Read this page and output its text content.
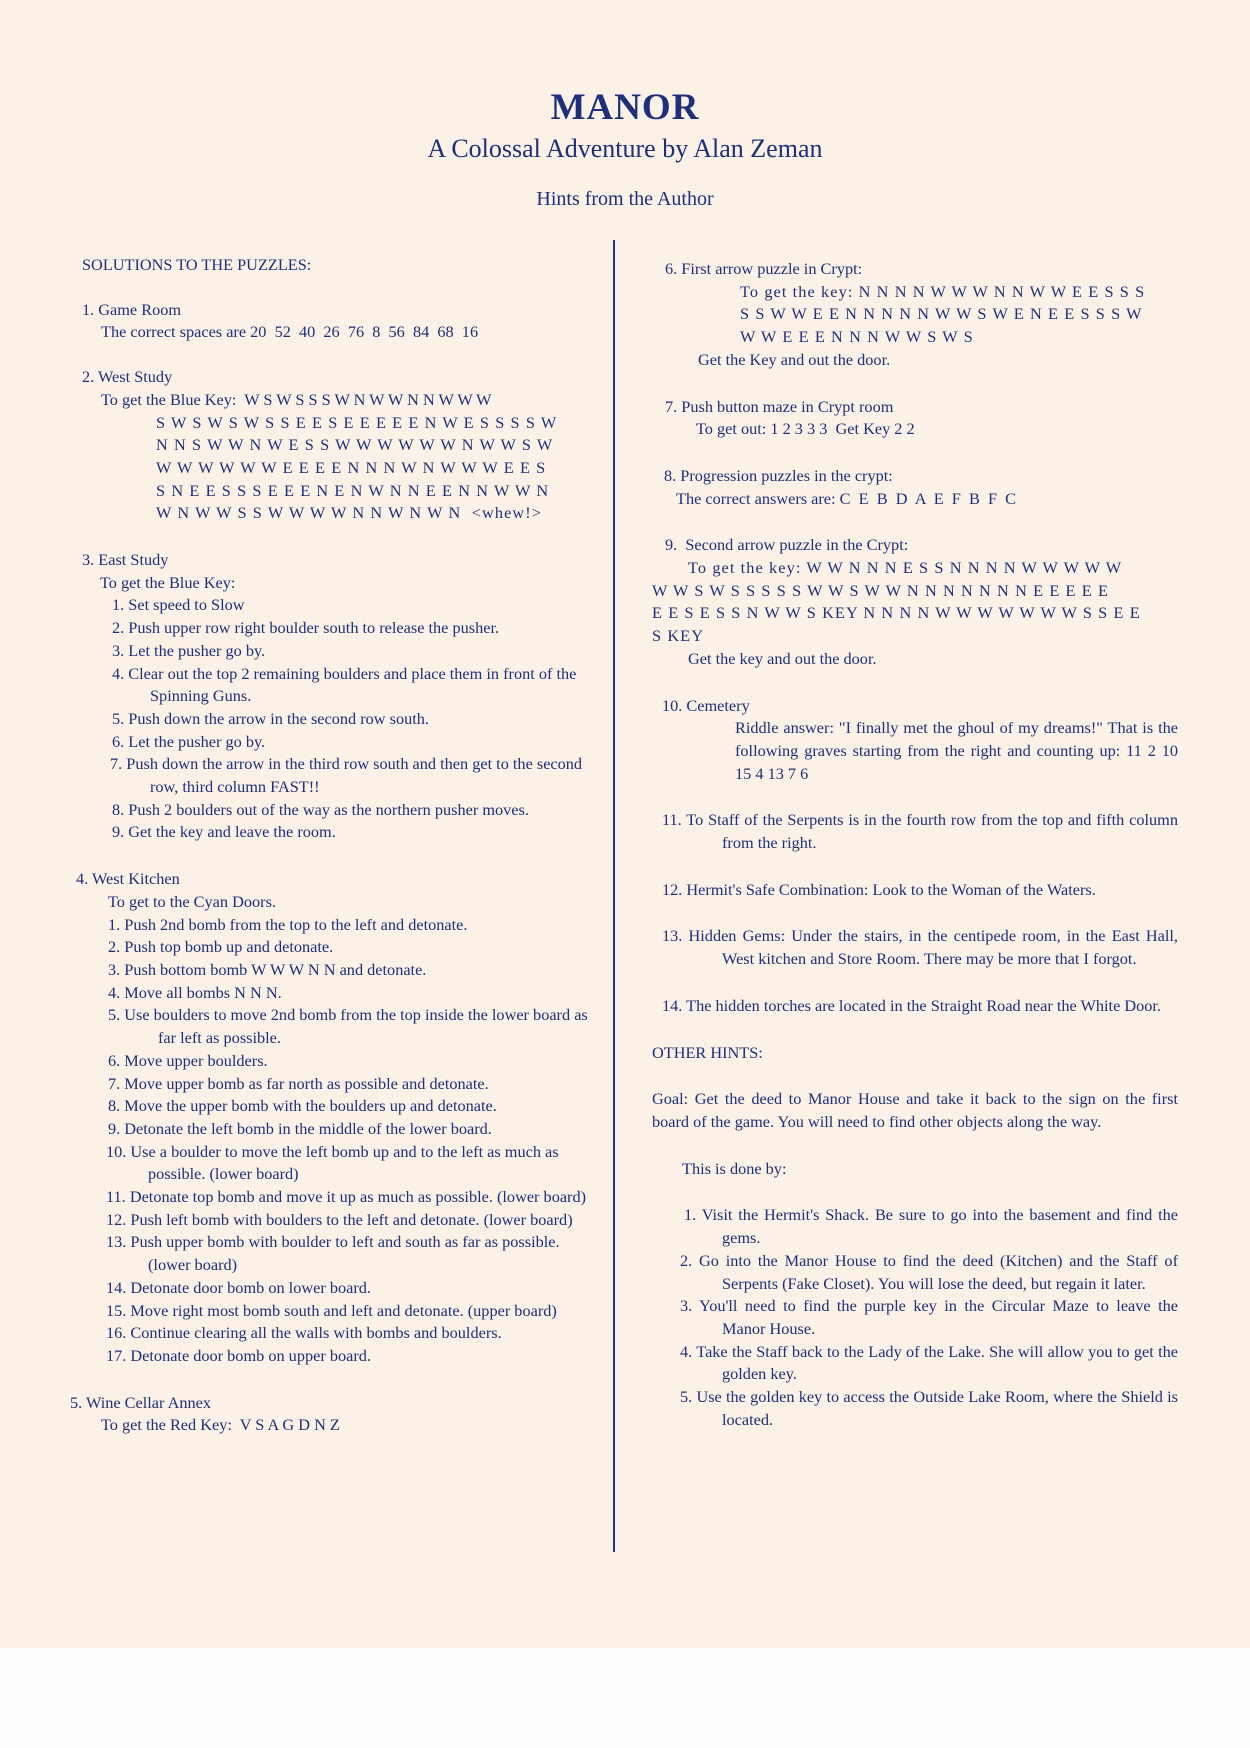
MANOR
A Colossal Adventure by Alan Zeman
Hints from the Author
SOLUTIONS TO THE PUZZLES:
1. Game Room
The correct spaces are 20  52  40  26  76  8  56  84  68  16
2. West Study
To get the Blue Key:  W S W S S S W N W W N N W W W
S W S W S W S S E E S E E E E E N W E S S S S W
N N S W W N W E S S W W W W W W N W W S W
W W W W W W E E E E N N N W N W W W E E S
S N E E S S S E E E N E N W N N E E N N W W N
W N W W S S W W W W N N W N W N  <whew!>
3. East Study
To get the Blue Key:
1. Set speed to Slow
2. Push upper row right boulder south to release the pusher.
3. Let the pusher go by.
4. Clear out the top 2 remaining boulders and place them in front of the Spinning Guns.
5. Push down the arrow in the second row south.
6. Let the pusher go by.
7. Push down the arrow in the third row south and then get to the second row, third column FAST!!
8. Push 2 boulders out of the way as the northern pusher moves.
9. Get the key and leave the room.
4. West Kitchen
To get to the Cyan Doors.
1. Push 2nd bomb from the top to the left and detonate.
2. Push top bomb up and detonate.
3. Push bottom bomb W W W N N and detonate.
4. Move all bombs N N N.
5. Use boulders to move 2nd bomb from the top inside the lower board as far left as possible.
6. Move upper boulders.
7. Move upper bomb as far north as possible and detonate.
8. Move the upper bomb with the boulders up and detonate.
9. Detonate the left bomb in the middle of the lower board.
10. Use a boulder to move the left bomb up and to the left as much as possible. (lower board)
11. Detonate top bomb and move it up as much as possible. (lower board)
12. Push left bomb with boulders to the left and detonate. (lower board)
13. Push upper bomb with boulder to left and south as far as possible. (lower board)
14. Detonate door bomb on lower board.
15. Move right most bomb south and left and detonate. (upper board)
16. Continue clearing all the walls with bombs and boulders.
17. Detonate door bomb on upper board.
5. Wine Cellar Annex
To get the Red Key:  V S A G D N Z
6. First arrow puzzle in Crypt:
To get the key: N N N N W W W N N W W E E S S S
S S W W E E N N N N N W W S W E N E E S S S W
W W E E E N N N W W S W S
Get the Key and out the door.
7. Push button maze in Crypt room
To get out: 1 2 3 3 3  Get Key 2 2
8. Progression puzzles in the crypt:
The correct answers are: C  E  B  D  A  E  F  B  F  C
9.  Second arrow puzzle in the Crypt:
To get the key: W W N N N E S S N N N N W W W W W
W W S W S S S S S W W S W W N N N N N N N E E E E E
E E S E S S N W W S KEY N N N N W W W W W W W S S E E
S KEY
Get the key and out the door.
10. Cemetery
Riddle answer: "I finally met the ghoul of my dreams!" That is the following graves starting from the right and counting up: 11 2 10 15 4 13 7 6
11. To Staff of the Serpents is in the fourth row from the top and fifth column from the right.
12. Hermit's Safe Combination: Look to the Woman of the Waters.
13. Hidden Gems: Under the stairs, in the centipede room, in the East Hall, West kitchen and Store Room. There may be more that I forgot.
14. The hidden torches are located in the Straight Road near the White Door.
OTHER HINTS:
Goal: Get the deed to Manor House and take it back to the sign on the first board of the game. You will need to find other objects along the way.
This is done by:
1. Visit the Hermit's Shack. Be sure to go into the basement and find the gems.
2. Go into the Manor House to find the deed (Kitchen) and the Staff of Serpents (Fake Closet). You will lose the deed, but regain it later.
3. You'll need to find the purple key in the Circular Maze to leave the Manor House.
4. Take the Staff back to the Lady of the Lake. She will allow you to get the golden key.
5. Use the golden key to access the Outside Lake Room, where the Shield is located.
